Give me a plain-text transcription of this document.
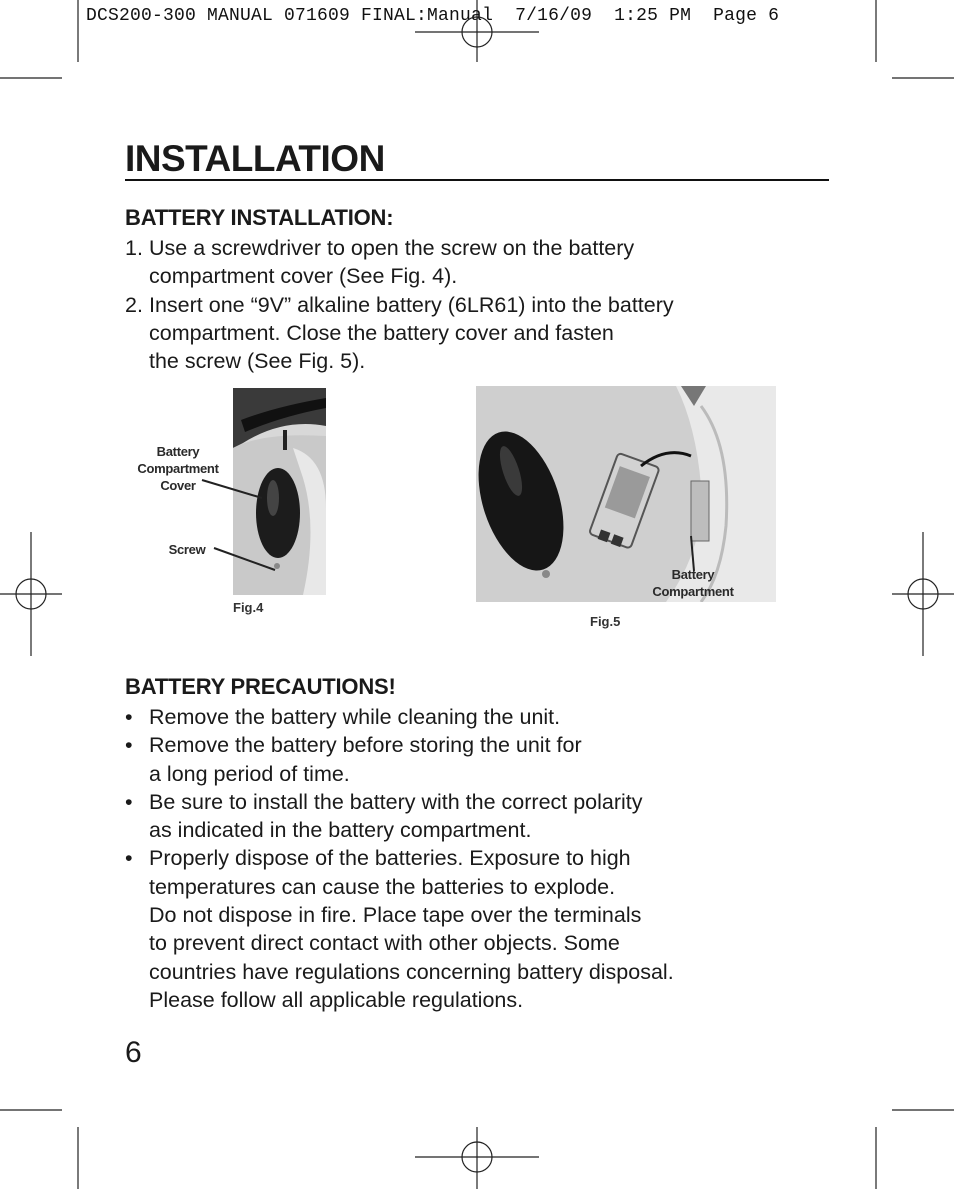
DCS200-300 MANUAL 071609 FINAL:Manual  7/16/09  1:25 PM  Page 6
INSTALLATION
BATTERY INSTALLATION:
1. Use a screwdriver to open the screw on the battery
compartment cover (See Fig. 4).
2. Insert one “9V” alkaline battery (6LR61) into the battery
compartment. Close the battery cover and fasten
the screw (See Fig. 5).
Battery
Compartment
Cover
Screw
Fig.4
Battery
Compartment
Fig.5
BATTERY PRECAUTIONS!
• Remove the battery while cleaning the unit.
• Remove the battery before storing the unit for
a long period of time.
• Be sure to install the battery with the correct polarity
as indicated in the battery compartment.
• Properly dispose of the batteries. Exposure to high
temperatures can cause the batteries to explode.
Do not dispose in fire. Place tape over the terminals
to prevent direct contact with other objects. Some
countries have regulations concerning battery disposal.
Please follow all applicable regulations.
6
